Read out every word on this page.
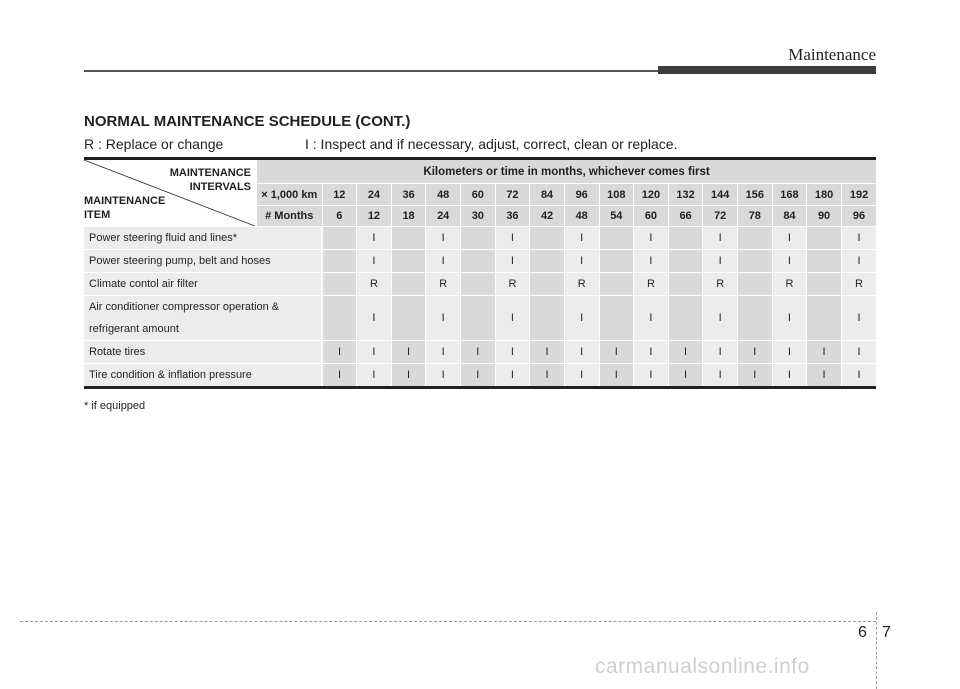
Maintenance
NORMAL MAINTENANCE SCHEDULE (CONT.)
R : Replace or change	I : Inspect and if necessary, adjust, correct, clean or replace.
MAINTENANCE
INTERVALS
MAINTENANCE
ITEM	Kilometers or time in months, whichever comes first																
	× 1,000 km	12	24	36	48	60	72	84	96	108	120	132	144	156	168	180	192
	# Months	6	12	18	24	30	36	42	48	54	60	66	72	78	84	90	96
Power steering fluid and lines*			I		I		I		I		I		I		I		I
Power steering pump, belt and hoses			I		I		I		I		I		I		I		I
Climate contol air filter			R		R		R		R		R		R		R		R

Air conditioner compressor operation &
refrigerant amount			I		I		I		I		I		I		I		I
Rotate tires		I	I	I	I	I	I	I	I	I	I	I	I	I	I	I	I
Tire condition & inflation pressure		I	I	I	I	I	I	I	I	I	I	I	I	I	I	I	I
* if equipped
6 7
carmanualsonline.info
